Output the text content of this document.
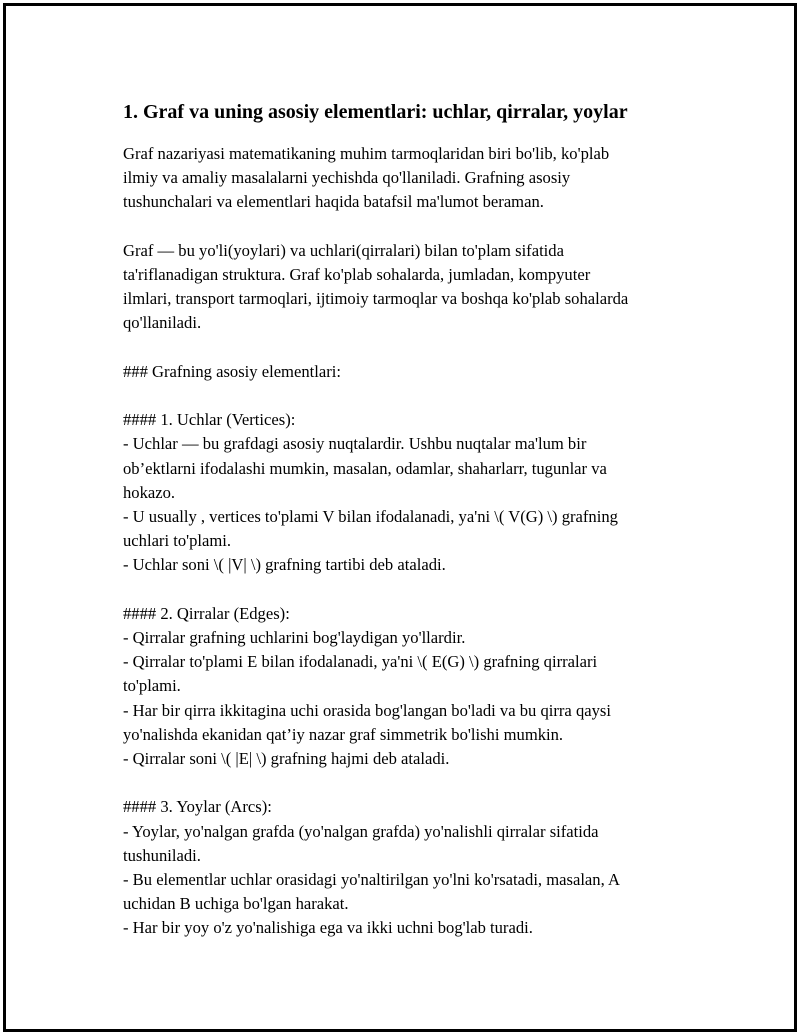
1. Graf va uning asosiy elementlari: uchlar, qirralar, yoylar
Graf nazariyasi matematikaning muhim tarmoqlaridan biri bo'lib, ko'plab
ilmiy va amaliy masalalarni yechishda qo'llaniladi. Grafning asosiy
tushunchalari va elementlari haqida batafsil ma'lumot beraman.
Graf — bu yo'li(yoylari) va uchlari(qirralari) bilan to'plam sifatida
ta'riflanadigan struktura. Graf ko'plab sohalarda, jumladan, kompyuter
ilmlari, transport tarmoqlari, ijtimoiy tarmoqlar va boshqa ko'plab sohalarda
qo'llaniladi.
### Grafning asosiy elementlari:
#### 1. Uchlar (Vertices):
- Uchlar — bu grafdagi asosiy nuqtalardir. Ushbu nuqtalar ma'lum bir
ob’ektlarni ifodalashi mumkin, masalan, odamlar, shaharlarr, tugunlar va
hokazo.
- U usually , vertices to'plami V bilan ifodalanadi, ya'ni \( V(G) \) grafning
uchlari to'plami.
- Uchlar soni \( |V| \) grafning tartibi deb ataladi.
#### 2. Qirralar (Edges):
- Qirralar grafning uchlarini bog'laydigan yo'llardir.
- Qirralar to'plami E bilan ifodalanadi, ya'ni \( E(G) \) grafning qirralari
to'plami.
- Har bir qirra ikkitagina uchi orasida bog'langan bo'ladi va bu qirra qaysi
yo'nalishda ekanidan qat’iy nazar graf simmetrik bo'lishi mumkin.
- Qirralar soni \( |E| \) grafning hajmi deb ataladi.
#### 3. Yoylar (Arcs):
- Yoylar, yo'nalgan grafda (yo'nalgan grafda) yo'nalishli qirralar sifatida
tushuniladi.
- Bu elementlar uchlar orasidagi yo'naltirilgan yo'lni ko'rsatadi, masalan, A
uchidan B uchiga bo'lgan harakat.
- Har bir yoy o'z yo'nalishiga ega va ikki uchni bog'lab turadi.
